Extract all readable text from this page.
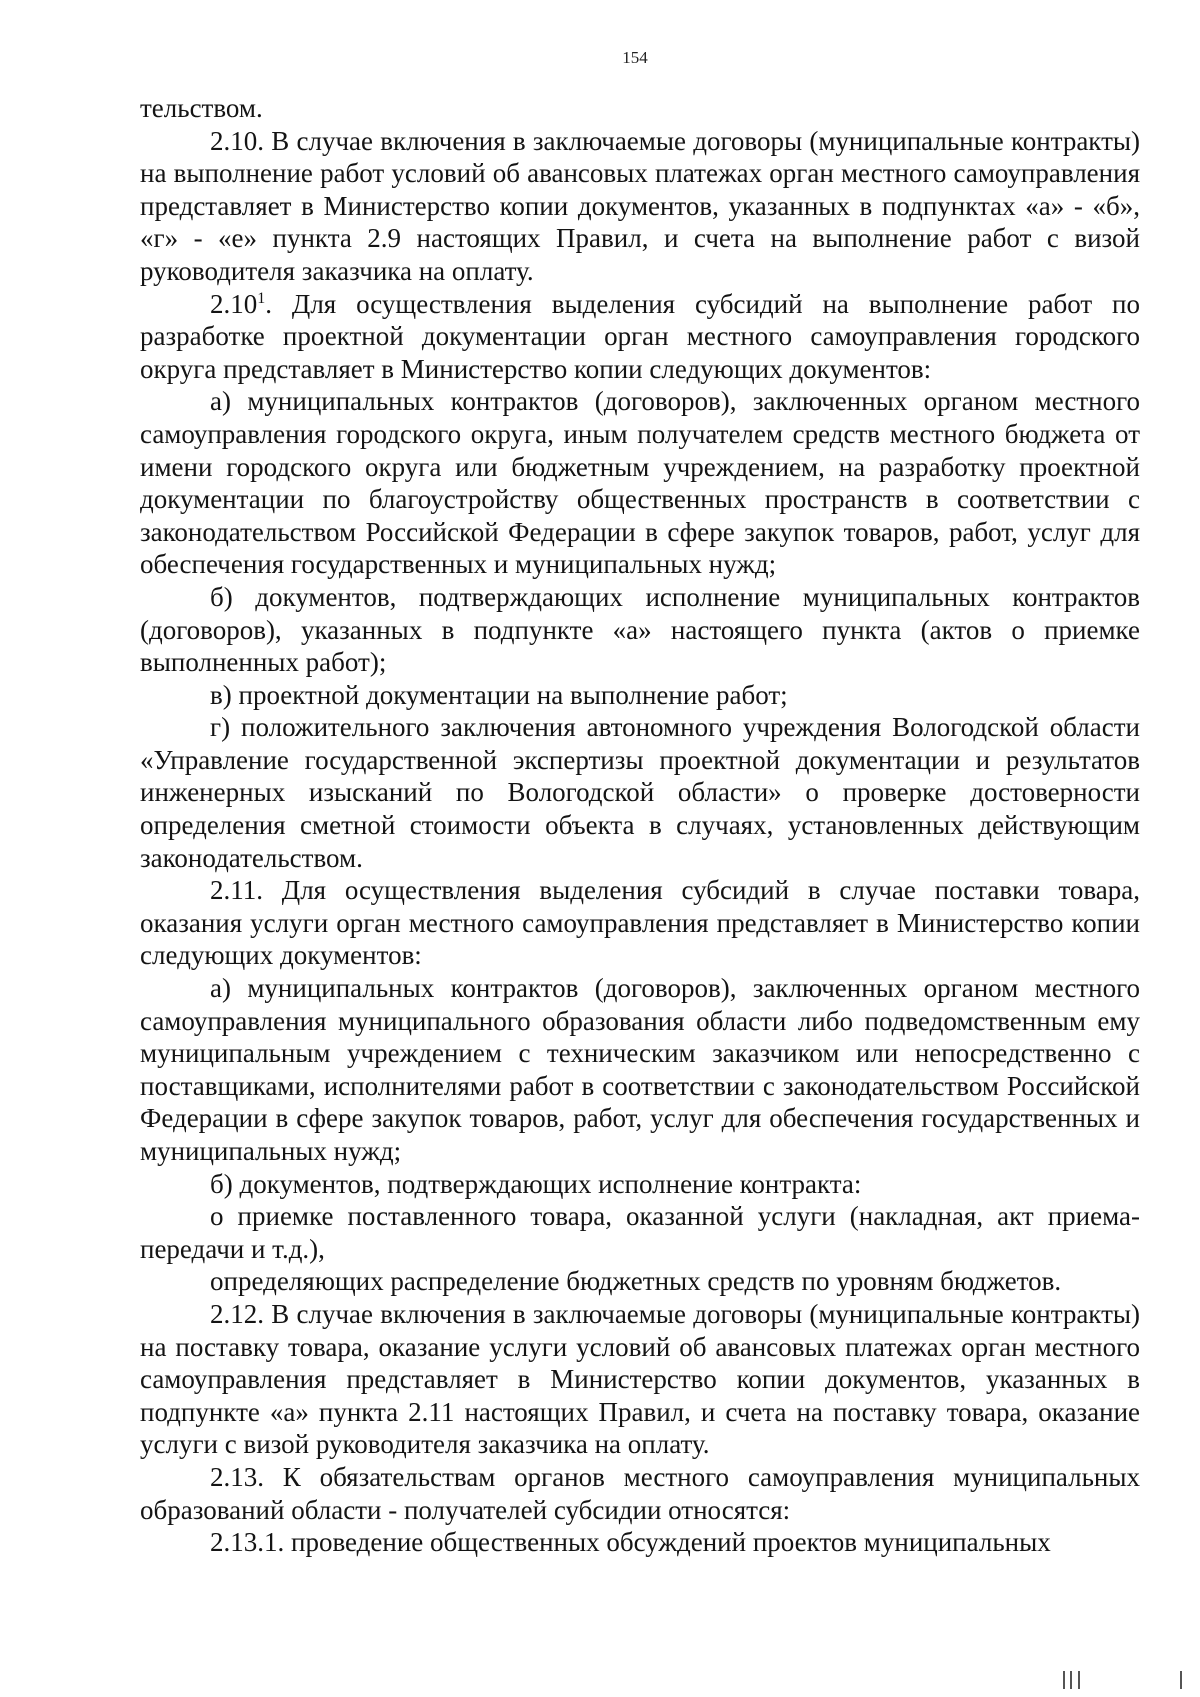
154

тельством.

2.10. В случае включения в заключаемые договоры (муниципальные контракты) на выполнение работ условий об авансовых платежах орган местного самоуправления представляет в Министерство копии документов, указанных в подпунктах «а» - «б», «г» - «е» пункта 2.9 настоящих Правил, и счета на выполнение работ с визой руководителя заказчика на оплату.

2.10$^1$. Для осуществления выделения субсидий на выполнение работ по разработке проектной документации орган местного самоуправления городского округа представляет в Министерство копии следующих документов:

а) муниципальных контрактов (договоров), заключенных органом местного самоуправления городского округа, иным получателем средств местного бюджета от имени городского округа или бюджетным учреждением, на разработку проектной документации по благоустройству общественных пространств в соответствии с законодательством Российской Федерации в сфере закупок товаров, работ, услуг для обеспечения государственных и муниципальных нужд;

б) документов, подтверждающих исполнение муниципальных контрактов (договоров), указанных в подпункте «а» настоящего пункта (актов о приемке выполненных работ);

в) проектной документации на выполнение работ;

г) положительного заключения автономного учреждения Вологодской области «Управление государственной экспертизы проектной документации и результатов инженерных изысканий по Вологодской области» о проверке достоверности определения сметной стоимости объекта в случаях, установленных действующим законодательством.

2.11. Для осуществления выделения субсидий в случае поставки товара, оказания услуги орган местного самоуправления представляет в Министерство копии следующих документов:

а) муниципальных контрактов (договоров), заключенных органом местного самоуправления муниципального образования области либо подведомственным ему муниципальным учреждением с техническим заказчиком или непосредственно с поставщиками, исполнителями работ в соответствии с законодательством Российской Федерации в сфере закупок товаров, работ, услуг для обеспечения государственных и муниципальных нужд;

б) документов, подтверждающих исполнение контракта:

о приемке поставленного товара, оказанной услуги (накладная, акт приема-передачи и т.д.),

определяющих распределение бюджетных средств по уровням бюджетов.

2.12. В случае включения в заключаемые договоры (муниципальные контракты) на поставку товара, оказание услуги условий об авансовых платежах орган местного самоуправления представляет в Министерство копии документов, указанных в подпункте «а» пункта 2.11 настоящих Правил, и счета на поставку товара, оказание услуги с визой руководителя заказчика на оплату.

2.13. К обязательствам органов местного самоуправления муниципальных образований области - получателей субсидии относятся:

2.13.1. проведение общественных обсуждений проектов муниципальных
